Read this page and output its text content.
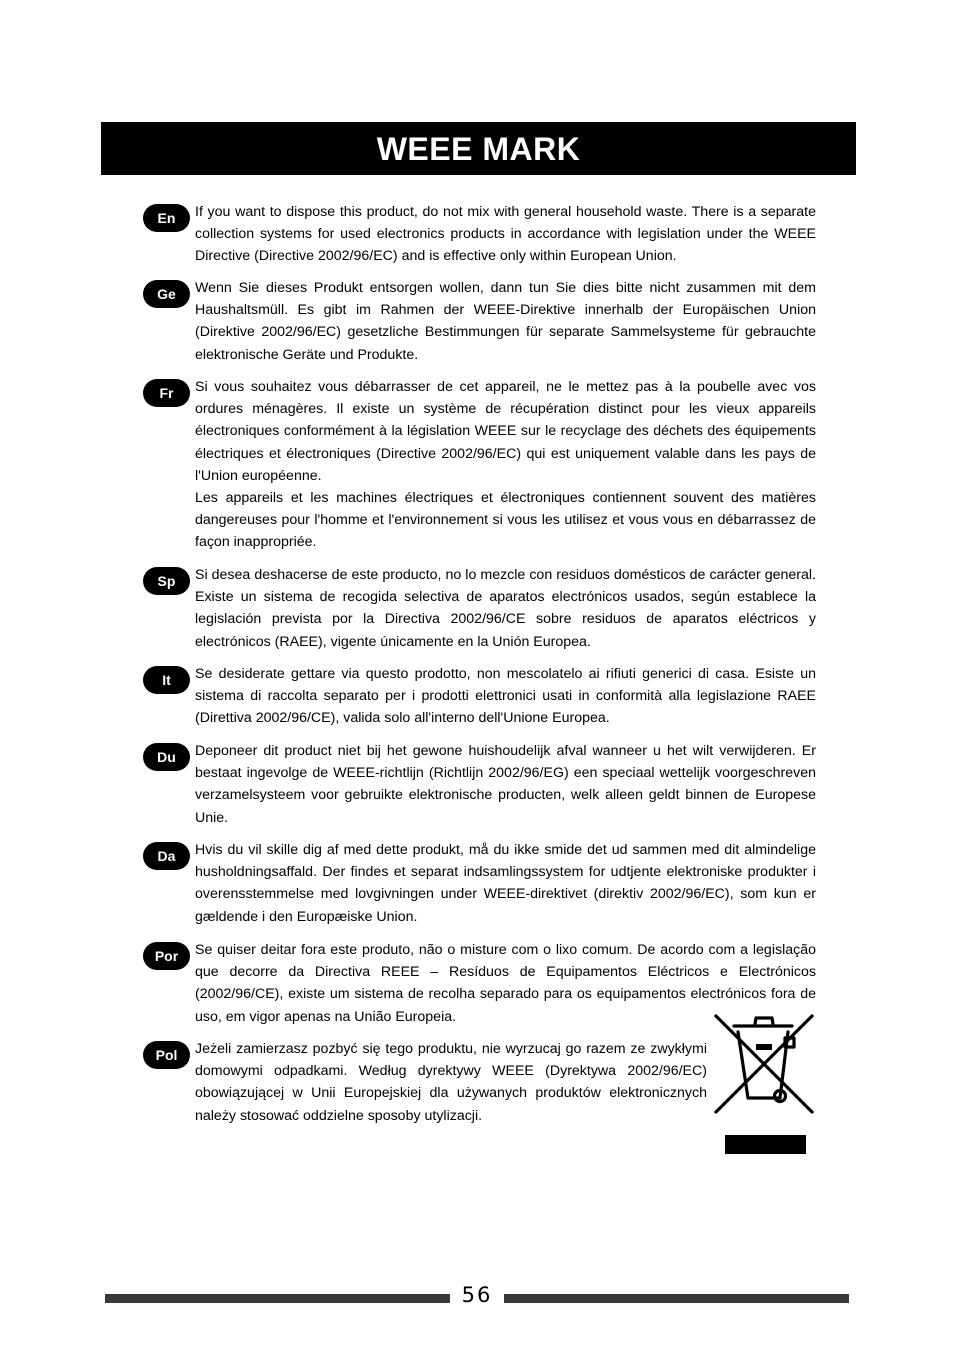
WEEE MARK
En	If you want to dispose this product, do not mix with general household waste. There is a separate collection systems for used electronics products in accordance with legislation under the WEEE Directive (Directive 2002/96/EC) and is effective only within European Union.

Ge	Wenn Sie dieses Produkt entsorgen wollen, dann tun Sie dies bitte nicht zusammen mit dem Haushaltsmüll. Es gibt im Rahmen der WEEE-Direktive innerhalb der Europäischen Union (Direktive 2002/96/EC) gesetzliche Bestimmungen für separate Sammelsysteme für gebrauchte elektronische Geräte und Produkte.

Fr	Si vous souhaitez vous débarrasser de cet appareil, ne le mettez pas à la poubelle avec vos ordures ménagères. Il existe un système de récupération distinct pour les vieux appareils électroniques conformément à la législation WEEE sur le recyclage des déchets des équipements électriques et électroniques (Directive 2002/96/EC) qui est uniquement valable dans les pays de l'Union européenne.

Les appareils et les machines électriques et électroniques contiennent souvent des matières dangereuses pour l'homme et l'environnement si vous les utilisez et vous vous en débarrassez de façon inappropriée.

Sp	Si desea deshacerse de este producto, no lo mezcle con residuos domésticos de carácter general. Existe un sistema de recogida selectiva de aparatos electrónicos usados, según establece la legislación prevista por la Directiva 2002/96/CE sobre residuos de aparatos eléctricos y electrónicos (RAEE), vigente únicamente en la Unión Europea.

It	Se desiderate gettare via questo prodotto, non mescolatelo ai rifiuti generici di casa. Esiste un sistema di raccolta separato per i prodotti elettronici usati in conformità alla legislazione RAEE (Direttiva 2002/96/CE), valida solo all'interno dell'Unione Europea.

Du	Deponeer dit product niet bij het gewone huishoudelijk afval wanneer u het wilt verwijderen. Er bestaat ingevolge de WEEE-richtlijn (Richtlijn 2002/96/EG) een speciaal wettelijk voorgeschreven verzamelsysteem voor gebruikte elektronische producten, welk alleen geldt binnen de Europese Unie.

Da	Hvis du vil skille dig af med dette produkt, må du ikke smide det ud sammen med dit almindelige husholdningsaffald. Der findes et separat indsamlingssystem for udtjente elektroniske produkter i overensstemmelse med lovgivningen under WEEE-direktivet (direktiv 2002/96/EC), som kun er gældende i den Europæiske Union.

Por	Se quiser deitar fora este produto, não o misture com o lixo comum. De acordo com a legislação que decorre da Directiva REEE – Resíduos de Equipamentos Eléctricos e Electrónicos (2002/96/CE), existe um sistema de recolha separado para os equipamentos electrónicos fora de uso, em vigor apenas na União Europeia.

Pol	Jeżeli zamierzasz pozbyć się tego produktu, nie wyrzucaj go razem ze zwykłymi domowymi odpadkami. Według dyrektywy WEEE (Dyrektywa 2002/96/EC) obowiązującej w Unii Europejskiej dla używanych produktów elektronicznych należy stosować oddzielne sposoby utylizacji.

56
